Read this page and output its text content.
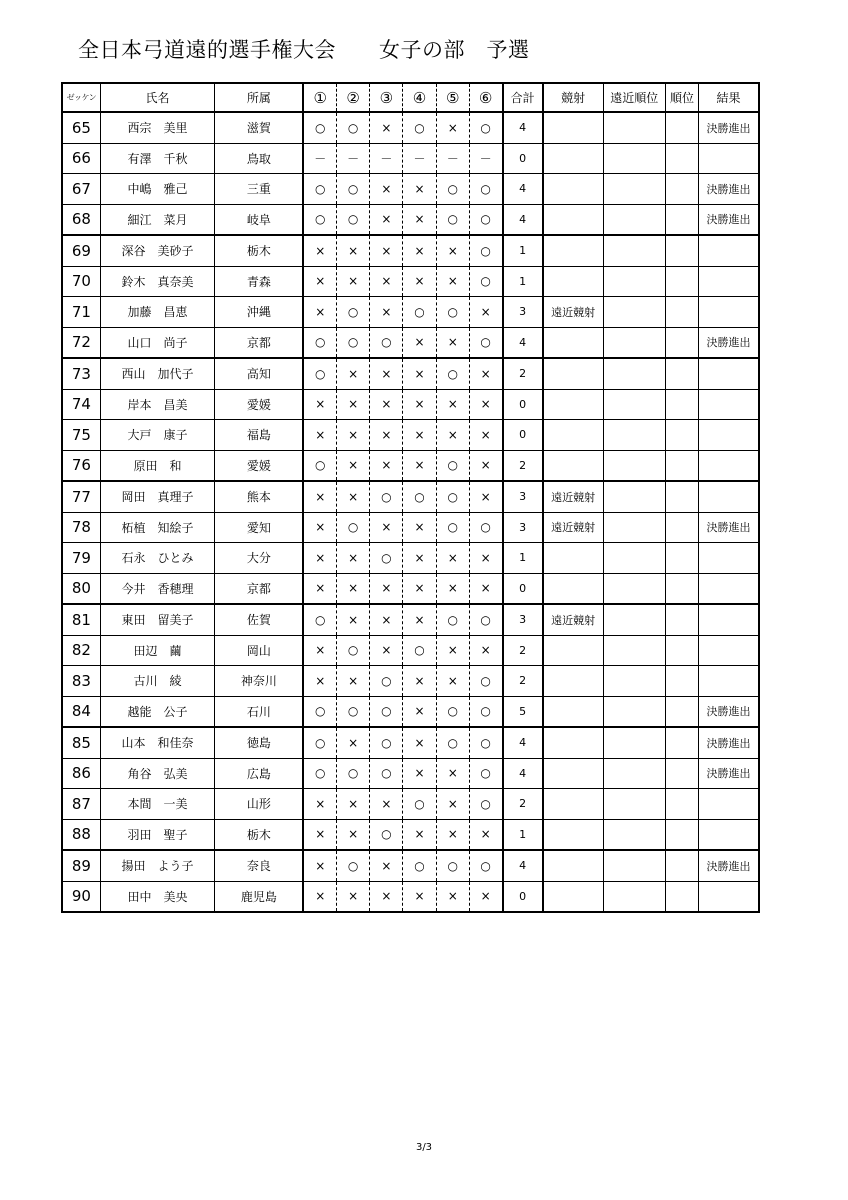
全日本弓道遠的選手権大会　　女子の部　予選
ゼッケン	氏名	所属	①	②	③	④	⑤	⑥	合計	競射	遠近順位	順位	結果
65	西宗　美里	滋賀	○	○	×	○	×	○	4				決勝進出
66	有澤　千秋	鳥取	－	－	－	－	－	－	0				
67	中嶋　雅己	三重	○	○	×	×	○	○	4				決勝進出
68	細江　菜月	岐阜	○	○	×	×	○	○	4				決勝進出
69	深谷　美砂子	栃木	×	×	×	×	×	○	1				
70	鈴木　真奈美	青森	×	×	×	×	×	○	1				
71	加藤　昌恵	沖縄	×	○	×	○	○	×	3	遠近競射			
72	山口　尚子	京都	○	○	○	×	×	○	4				決勝進出
73	西山　加代子	高知	○	×	×	×	○	×	2				
74	岸本　昌美	愛媛	×	×	×	×	×	×	0				
75	大戸　康子	福島	×	×	×	×	×	×	0				
76	原田　和	愛媛	○	×	×	×	○	×	2				
77	岡田　真理子	熊本	×	×	○	○	○	×	3	遠近競射			
78	柘植　知絵子	愛知	×	○	×	×	○	○	3	遠近競射			決勝進出
79	石永　ひとみ	大分	×	×	○	×	×	×	1				
80	今井　香穂理	京都	×	×	×	×	×	×	0				
81	東田　留美子	佐賀	○	×	×	×	○	○	3	遠近競射			
82	田辺　繭	岡山	×	○	×	○	×	×	2				
83	古川　綾	神奈川	×	×	○	×	×	○	2				
84	越能　公子	石川	○	○	○	×	○	○	5				決勝進出
85	山本　和佳奈	徳島	○	×	○	×	○	○	4				決勝進出
86	角谷　弘美	広島	○	○	○	×	×	○	4				決勝進出
87	本間　一美	山形	×	×	×	○	×	○	2				
88	羽田　聖子	栃木	×	×	○	×	×	×	1				
89	揚田　よう子	奈良	×	○	×	○	○	○	4				決勝進出
90	田中　美央	鹿児島	×	×	×	×	×	×	0				
3/3
